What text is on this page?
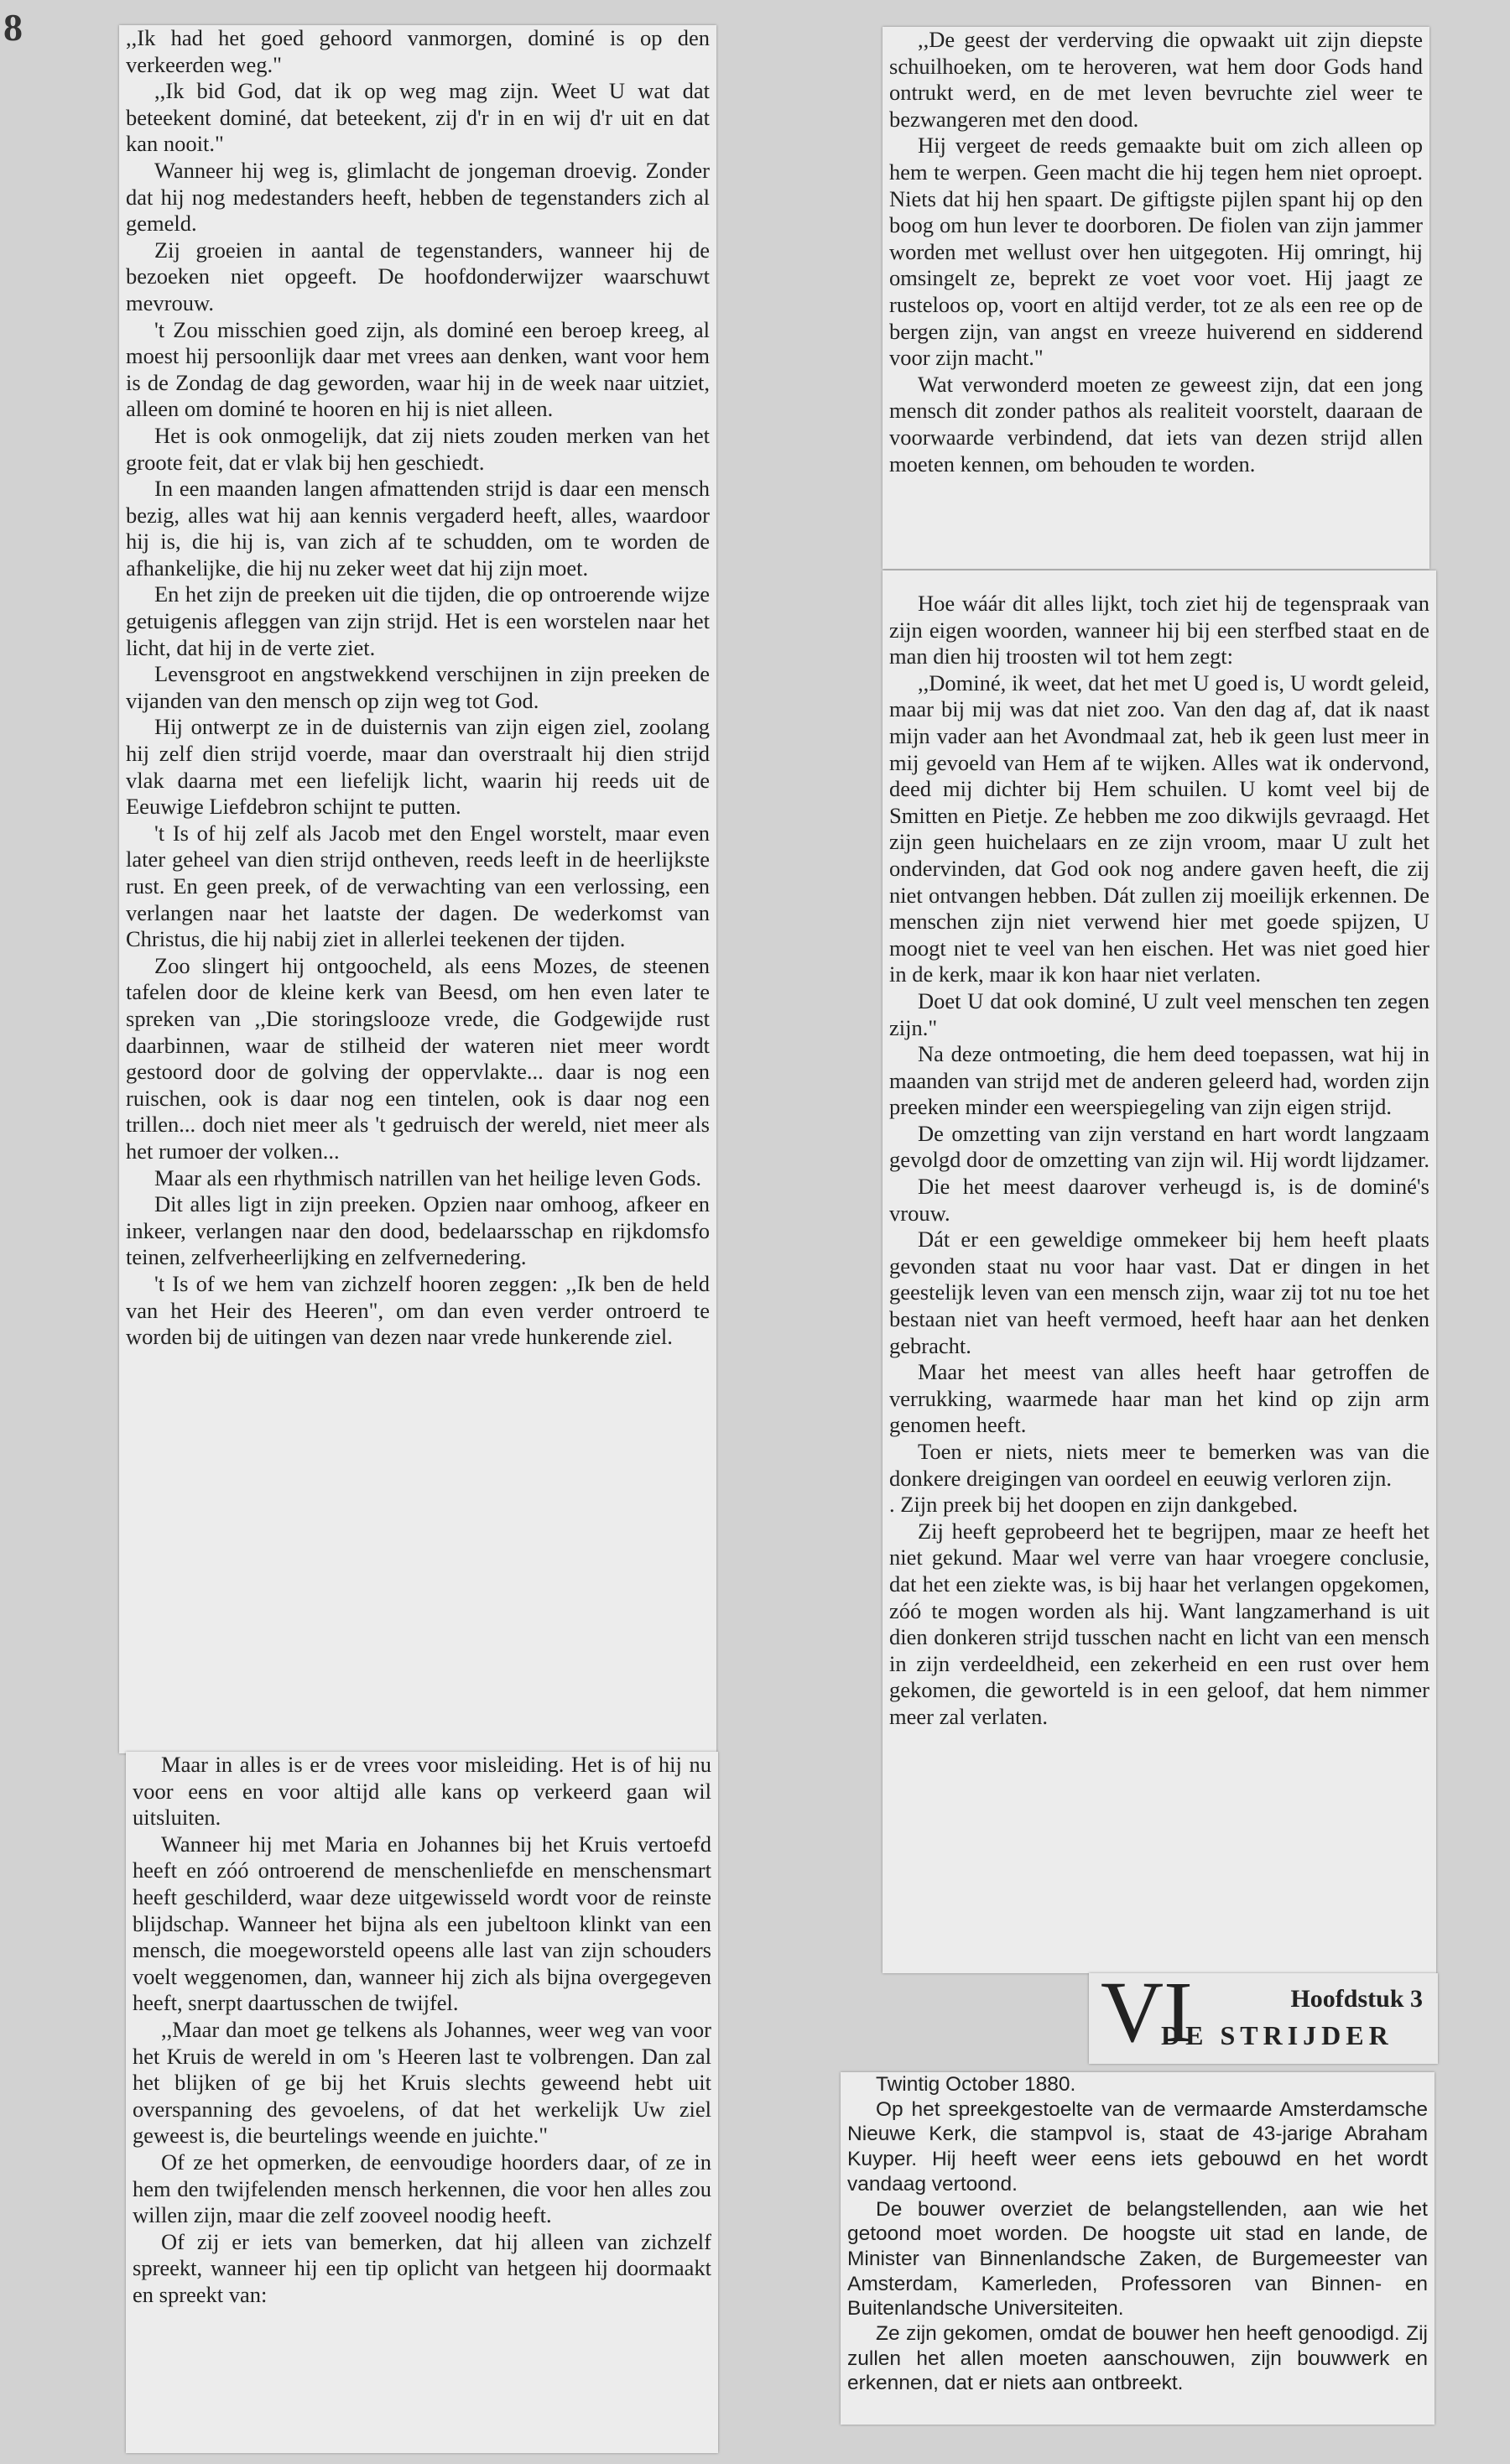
8	,,Ik had het goed gehoord vanmorgen, dominé is op den verkeerden weg."

,,Ik bid God, dat ik op weg mag zijn. Weet U wat dat beteekent dominé, dat beteekent, zij d'r in en wij d'r uit en dat kan nooit."

Wanneer hij weg is, glimlacht de jongeman droevig. Zonder dat hij nog medestanders heeft, hebben de tegenstanders zich al gemeld.

Zij groeien in aantal de tegenstanders, wanneer hij de bezoeken niet opgeeft. De hoofdonderwijzer waarschuwt mevrouw.

't Zou misschien goed zijn, als dominé een beroep kreeg, al moest hij persoonlijk daar met vrees aan denken, want voor hem is de Zondag de dag geworden, waar hij in de week naar uitziet, alleen om dominé te hooren en hij is niet alleen.

Het is ook onmogelijk, dat zij niets zouden merken van het groote feit, dat er vlak bij hen geschiedt.

In een maanden langen afmattenden strijd is daar een mensch bezig, alles wat hij aan kennis vergaderd heeft, alles, waardoor hij is, die hij is, van zich af te schudden, om te worden de afhankelijke, die hij nu zeker weet dat hij zijn moet.

En het zijn de preeken uit die tijden, die op ontroerende wijze getuigenis afleggen van zijn strijd. Het is een worstelen naar het licht, dat hij in de verte ziet.

Levensgroot en angstwekkend verschijnen in zijn preeken de vijanden van den mensch op zijn weg tot God.

Hij ontwerpt ze in de duisternis van zijn eigen ziel, zoolang hij zelf dien strijd voerde, maar dan overstraalt hij dien strijd vlak daarna met een liefelijk licht, waarin hij reeds uit de Eeuwige Liefdebron schijnt te putten.

't Is of hij zelf als Jacob met den Engel worstelt, maar even later geheel van dien strijd ontheven, reeds leeft in de heerlijkste rust. En geen preek, of de verwachting van een verlossing, een verlangen naar het laatste der dagen. De wederkomst van Christus, die hij nabij ziet in allerlei teekenen der tijden.

Zoo slingert hij ontgoocheld, als eens Mozes, de steenen tafelen door de kleine kerk van Beesd, om hen even later te spreken van ,,Die storingslooze vrede, die Godgewijde rust daarbinnen, waar de stilheid der wateren niet meer wordt gestoord door de golving der oppervlakte... daar is nog een ruischen, ook is daar nog een tintelen, ook is daar nog een trillen... doch niet meer als 't gedruisch der wereld, niet meer als het rumoer der volken...

Maar als een rhythmisch natrillen van het heilige leven Gods.

Dit alles ligt in zijn preeken. Opzien naar omhoog, afkeer en inkeer, verlangen naar den dood, bedelaarsschap en rijkdomsfo teinen, zelfverheerlijking en zelfvernedering.

't Is of we hem van zichzelf hooren zeggen: ,,Ik ben de held van het Heir des Heeren", om dan even verder ontroerd te worden bij de uitingen van dezen naar vrede hunkerende ziel.

Maar in alles is er de vrees voor misleiding. Het is of hij nu voor eens en voor altijd alle kans op verkeerd gaan wil uitsluiten.

Wanneer hij met Maria en Johannes bij het Kruis vertoefd heeft en zóó ontroerend de menschenliefde en menschensmart heeft geschilderd, waar deze uitgewisseld wordt voor de reinste blijdschap. Wanneer het bijna als een jubeltoon klinkt van een mensch, die moegeworsteld opeens alle last van zijn schouders voelt weggenomen, dan, wanneer hij zich als bijna overgegeven heeft, snerpt daartusschen de twijfel.

,,Maar dan moet ge telkens als Johannes, weer weg van voor het Kruis de wereld in om 's Heeren last te volbrengen. Dan zal het blijken of ge bij het Kruis slechts geweend hebt uit overspanning des gevoelens, of dat het werkelijk Uw ziel geweest is, die beurtelings weende en juichte."

Of ze het opmerken, de eenvoudige hoorders daar, of ze in hem den twijfelenden mensch herkennen, die voor hen alles zou willen zijn, maar die zelf zooveel noodig heeft.

Of zij er iets van bemerken, dat hij alleen van zichzelf spreekt, wanneer hij een tip oplicht van hetgeen hij doormaakt en spreekt van:

,,De geest der verderving die opwaakt uit zijn diepste schuilhoeken, om te heroveren, wat hem door Gods hand ontrukt werd, en de met leven bevruchte ziel weer te bezwangeren met den dood.

Hij vergeet de reeds gemaakte buit om zich alleen op hem te werpen. Geen macht die hij tegen hem niet oproept. Niets dat hij hen spaart. De giftigste pijlen spant hij op den boog om hun lever te doorboren. De fiolen van zijn jammer worden met wellust over hen uitgegoten. Hij omringt, hij omsingelt ze, beprekt ze voet voor voet. Hij jaagt ze rusteloos op, voort en altijd verder, tot ze als een ree op de bergen zijn, van angst en vreeze huiverend en sidderend voor zijn macht."

Wat verwonderd moeten ze geweest zijn, dat een jong mensch dit zonder pathos als realiteit voorstelt, daaraan de voorwaarde verbindend, dat iets van dezen strijd allen moeten kennen, om behouden te worden.

Hoe wáár dit alles lijkt, toch ziet hij de tegenspraak van zijn eigen woorden, wanneer hij bij een sterfbed staat en de man dien hij troosten wil tot hem zegt:

,,Dominé, ik weet, dat het met U goed is, U wordt geleid, maar bij mij was dat niet zoo. Van den dag af, dat ik naast mijn vader aan het Avondmaal zat, heb ik geen lust meer in mij gevoeld van Hem af te wijken. Alles wat ik ondervond, deed mij dichter bij Hem schuilen. U komt veel bij de Smitten en Pietje. Ze hebben me zoo dikwijls gevraagd. Het zijn geen huichelaars en ze zijn vroom, maar U zult het ondervinden, dat God ook nog andere gaven heeft, die zij niet ontvangen hebben. Dát zullen zij moeilijk erkennen. De menschen zijn niet verwend hier met goede spijzen, U moogt niet te veel van hen eischen. Het was niet goed hier in de kerk, maar ik kon haar niet verlaten.

Doet U dat ook dominé, U zult veel menschen ten zegen zijn."

Na deze ontmoeting, die hem deed toepassen, wat hij in maanden van strijd met de anderen geleerd had, worden zijn preeken minder een weerspiegeling van zijn eigen strijd.

De omzetting van zijn verstand en hart wordt langzaam gevolgd door de omzetting van zijn wil. Hij wordt lijdzamer.

Die het meest daarover verheugd is, is de dominé's vrouw.

Dát er een geweldige ommekeer bij hem heeft plaats gevonden staat nu voor haar vast. Dat er dingen in het geestelijk leven van een mensch zijn, waar zij tot nu toe het bestaan niet van heeft vermoed, heeft haar aan het denken gebracht.

Maar het meest van alles heeft haar getroffen de verrukking, waarmede haar man het kind op zijn arm genomen heeft.

Toen er niets, niets meer te bemerken was van die donkere dreigingen van oordeel en eeuwig verloren zijn.

. Zijn preek bij het doopen en zijn dankgebed.

Zij heeft geprobeerd het te begrijpen, maar ze heeft het niet gekund. Maar wel verre van haar vroegere conclusie, dat het een ziekte was, is bij haar het verlangen opgekomen, zóó te mogen worden als hij. Want langzamerhand is uit dien donkeren strijd tusschen nacht en licht van een mensch in zijn verdeeldheid, een zekerheid en een rust over hem gekomen, die geworteld is in een geloof, dat hem nimmer meer zal verlaten.

VI	Hoofdstuk 3
DE STRIJDER

Twintig October 1880.

Op het spreekgestoelte van de vermaarde Amsterdamsche Nieuwe Kerk, die stampvol is, staat de 43-jarige Abraham Kuyper. Hij heeft weer eens iets gebouwd en het wordt vandaag vertoond.

De bouwer overziet de belangstellenden, aan wie het getoond moet worden. De hoogste uit stad en lande, de Minister van Binnenlandsche Zaken, de Burgemeester van Amsterdam, Kamerleden, Professoren van Binnen- en Buitenlandsche Universiteiten.

Ze zijn gekomen, omdat de bouwer hen heeft genoodigd. Zij zullen het allen moeten aanschouwen, zijn bouwwerk en erkennen, dat er niets aan ontbreekt.
